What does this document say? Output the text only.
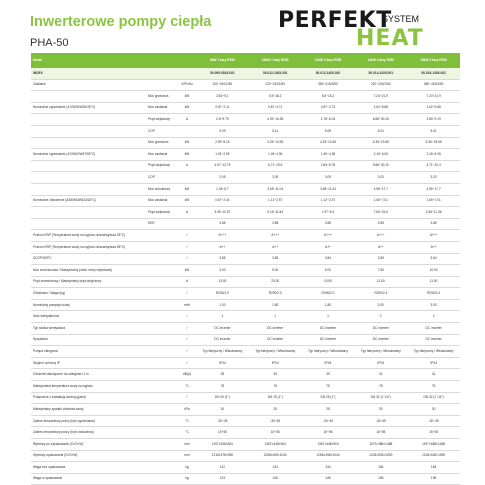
Inwerterowe pompy ciepła
PHA-50
PERFEKT
SYSTEM
HEAT
Model			6kW 1 fazy R290	10kW 1 fazy R290	12kW 3 fazy R290	14kW 3 fazy R290	18kW 3 fazy R290
INDEX			50-909-0816-001	50-012-1405-001	50-012-1405-002	50-014-1405-001	50-018-1405-002
Zasilanie		V/Ph/Hz	220~240/1/50	220~240/1/50	380~415/3/50	220~240/1/50	380~415/3/50
	Moc grzewcza	kW	3.60~9.1	6.5~18.2	6.5~15.2	7.24~21.9	7.24~21.9
Nominalne ogrzewanie (A7/W35/W30/35°C)	Moc zasilania	kW	0.87~2.11	0.87~3.71	0.87~3.73	1.62~5.68	1.62~5.68
	Prąd wejściowy	A	2.8~9.75	4.93~16.38	1.78~6.04	6.86~30.15	3.65~9.19
	COP		5.09	5.11	5.08	5.01	5.01
	Moc grzewcza	kW	2.99~8.16	4.25~14.55	4.25~14.55	6.36~19.65	6.36~19.65
Nominalne ogrzewanie (A7/W52/W47/55°C)	Moc zasilania	kW	1.03~2.55	1.45~4.36	1.45~4.38	2.16~6.06	2.16~6.06
	Prąd wejściowy	A	4.57~12.79	6.71~19.6	2.84~6.78	9.86~30.12	4.71~10.4
	COP		3.05	3.09	3.09	3.03	3.03
	Moc chłodnicza	kW	1.36~5.7	3.65~11.04	3.65~11.04	4.55~17.7	4.55~17.7
Nominalne chłodzenie (A35/W18/W23/18°C)	Moc zasilania	kW	0.67~2.44	1.12~2.57	1.12~2.57	1.65~7.01	1.65~7.01
	Prąd wejściowy	A	3.06~10.57	5.16~11.84	1.97~6.3	7.65~31.6	3.46~11.36
	EER		3.85	3.85	3.85	3.85	3.85
Poziom ERP (Temperatura wody na wyjściu niższa/wyższa 35°C)		/	A+++	A+++	A+++	A+++	A+++
Poziom ERP (Temperatura wody na wyjściu niższa/wyższa 55°C)		/	A++	A++	A++	A++	A++
SCOP/SEPC		/	3.85	3.85	3.84	3.85	3.84
Moc znamionowa / Maksymalny pobór mocy wejściowej		kW	3.00	5.00	5.00	7.50	10.00
Prąd znamionowy / Maksymalny prąd wejściowy		A	13.50	23.00	10.00	11.00	11.00
Chłodziwo / Waga (kg)		/	R290/1.0	R290/2.0	R290/2.0	R290/2.4	R290/2.4
Nominalny przepływ wody		m³/h	1.00	1.80	1.80	3.00	3.00
Ilość wentylatorów		/	1	1	1	2	2
Typ silnika wentylatora		/	DC inverter	DC inverter	DC inverter	DC inverter	DC inverter
Sprężarka		/	DC inverter	DC inverter	DC inverter	DC inverter	DC inverter
Pompa obiegowa		/	Typ fabryczny / Wbudowany	Typ fabryczny / Wbudowany	Typ fabryczny / Wbudowany	Typ fabryczny / Wbudowany	Typ fabryczny / Wbudowany
Stopień ochrony IP		/	IPX4	IPX4	IPX4	IPX4	IPX4
Ciśnienie akustyczne na odległości 1 m		dB(A)	35	39	39	41	41
Maksymalna temperatura wody na wyjściu		°C	75	75	75	75	75
Połączenie z instalacją wodną (gwint)		/	DN 25 (1")	DN 25 (1")	DN 25 (1")	DN 32 (1 1/4")	DN 32 (1 1/4")
Maksymalny spadek ciśnienia wody		kPa	20	25	25	30	30
Zakres temperatury pracy (tryb ogrzewania)		°C	-30~45	-30~45	-30~45	-30~45	-30~45
Zakres temperatury pracy (tryb chłodzenia)		°C	15~55	15~55	15~55	15~55	15~55
Wymiary po zapakowaniu (D×S×W)		mm	1197×438×820	1367×448×904	1367×448×904	1197×488×1458	1197×488×1458
Wymiary opakowania (D×S×W)		mm	1218×478×950	1258×498×1040	1258×498×1040	1218×528×1590	1218×528×1590
Waga bez opakowania		kg	112	134	134	184	184
Waga w opakowaniu		kg	123	146	146	196	196
